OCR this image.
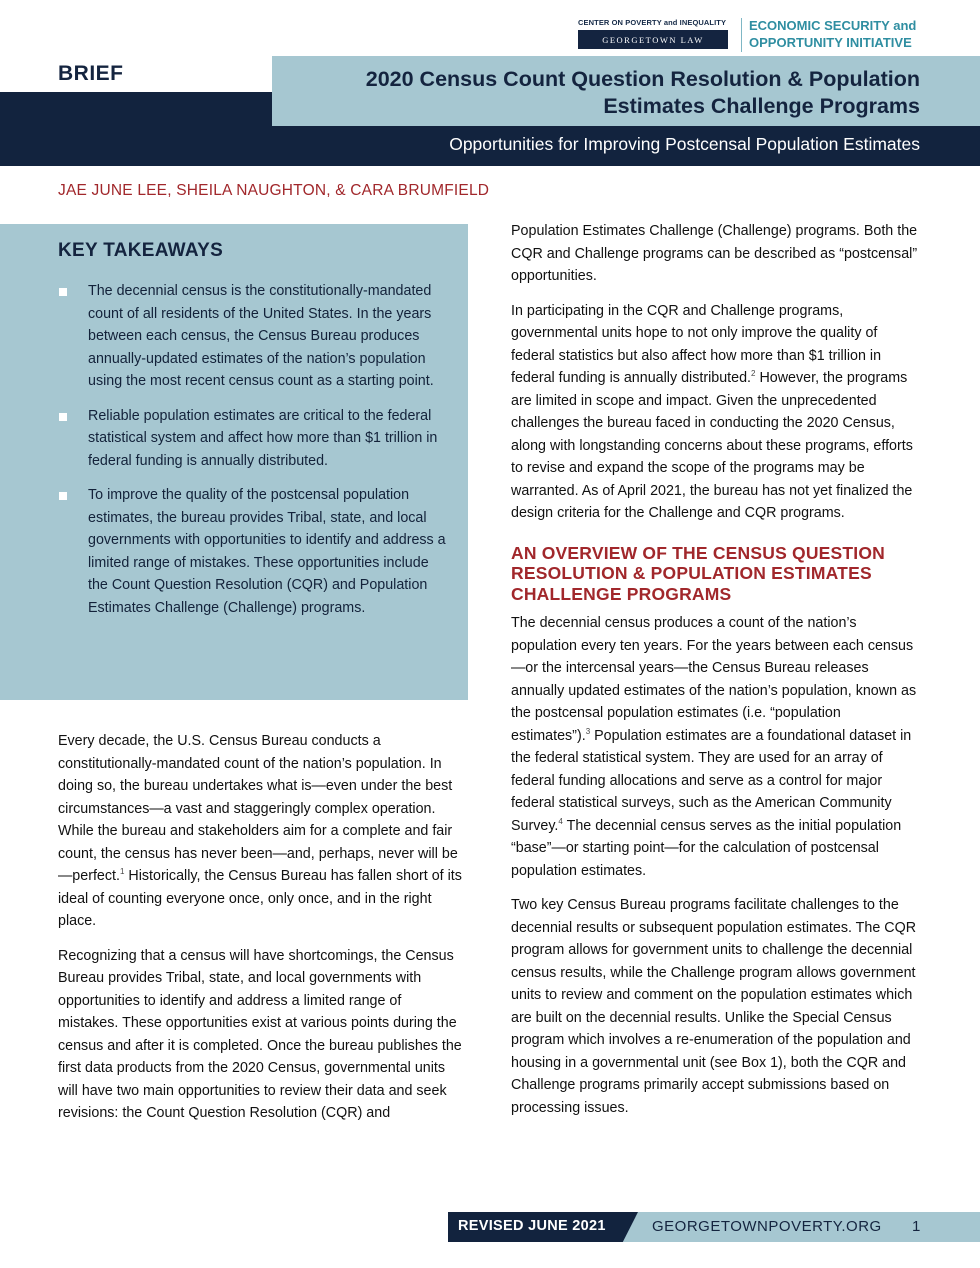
CENTER ON POVERTY and INEQUALITY
GEORGETOWN LAW
ECONOMIC SECURITY and
OPPORTUNITY INITIATIVE
BRIEF	2020 Census Count Question Resolution & Population
Estimates Challenge Programs
Opportunities for Improving Postcensal Population Estimates
JAE JUNE LEE, SHEILA NAUGHTON, & CARA BRUMFIELD
KEY TAKEAWAYS
The decennial census is the constitutionally-mandated count of all residents of the United States. In the years between each census, the Census Bureau produces annually-updated estimates of the nation’s population using the most recent census count as a starting point.
Reliable population estimates are critical to the federal statistical system and affect how more than $1 trillion in federal funding is annually distributed.
To improve the quality of the postcensal population estimates, the bureau provides Tribal, state, and local governments with opportunities to identify and address a limited range of mistakes. These opportunities include the Count Question Resolution (CQR) and Population Estimates Challenge (Challenge) programs.

Every decade, the U.S. Census Bureau conducts a constitutionally-mandated count of the nation’s population. In doing so, the bureau undertakes what is—even under the best circumstances—a vast and staggeringly complex operation. While the bureau and stakeholders aim for a complete and fair count, the census has never been—and, perhaps, never will be—perfect.$^1$ Historically, the Census Bureau has fallen short of its ideal of counting everyone once, only once, and in the right place.

Recognizing that a census will have shortcomings, the Census Bureau provides Tribal, state, and local governments with opportunities to identify and address a limited range of mistakes. These opportunities exist at various points during the census and after it is completed. Once the bureau publishes the first data products from the 2020 Census, governmental units will have two main opportunities to review their data and seek revisions: the Count Question Resolution (CQR) and

Population Estimates Challenge (Challenge) programs. Both the CQR and Challenge programs can be described as “postcensal” opportunities.

In participating in the CQR and Challenge programs, governmental units hope to not only improve the quality of federal statistics but also affect how more than $1 trillion in federal funding is annually distributed.$^2$ However, the programs are limited in scope and impact. Given the unprecedented challenges the bureau faced in conducting the 2020 Census, along with longstanding concerns about these programs, efforts to revise and expand the scope of the programs may be warranted. As of April 2021, the bureau has not yet finalized the design criteria for the Challenge and CQR programs.

AN OVERVIEW OF THE CENSUS QUESTION RESOLUTION & POPULATION ESTIMATES CHALLENGE PROGRAMS

The decennial census produces a count of the nation’s population every ten years. For the years between each census—or the intercensal years—the Census Bureau releases annually updated estimates of the nation’s population, known as the postcensal population estimates (i.e. “population estimates”).$^3$ Population estimates are a foundational dataset in the federal statistical system. They are used for an array of federal funding allocations and serve as a control for major federal statistical surveys, such as the American Community Survey.$^4$ The decennial census serves as the initial population “base”—or starting point—for the calculation of postcensal population estimates.

Two key Census Bureau programs facilitate challenges to the decennial results or subsequent population estimates. The CQR program allows for government units to challenge the decennial census results, while the Challenge program allows government units to review and comment on the population estimates which are built on the decennial results. Unlike the Special Census program which involves a re-enumeration of the population and housing in a governmental unit (see Box 1), both the CQR and Challenge programs primarily accept submissions based on processing issues.

REVISED JUNE 2021	GEORGETOWNPOVERTY.ORG 1
